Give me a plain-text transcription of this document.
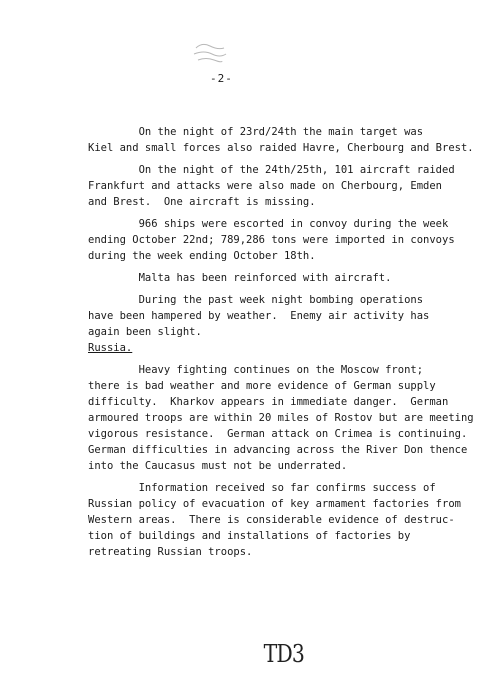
-2-
On the night of 23rd/24th the main target was
Kiel and small forces also raided Havre, Cherbourg and Brest.
On the night of the 24th/25th, 101 aircraft raided
Frankfurt and attacks were also made on Cherbourg, Emden
and Brest.  One aircraft is missing.
966 ships were escorted in convoy during the week
ending October 22nd; 789,286 tons were imported in convoys
during the week ending October 18th.
Malta has been reinforced with aircraft.
During the past week night bombing operations
have been hampered by weather.  Enemy air activity has
again been slight.
Russia.
Heavy fighting continues on the Moscow front;
there is bad weather and more evidence of German supply
difficulty.  Kharkov appears in immediate danger.  German
armoured troops are within 20 miles of Rostov but are meeting
vigorous resistance.  German attack on Crimea is continuing.
German difficulties in advancing across the River Don thence
into the Caucasus must not be underrated.
Information received so far confirms success of
Russian policy of evacuation of key armament factories from
Western areas.  There is considerable evidence of destruc-
tion of buildings and installations of factories by
retreating Russian troops.
TD3
